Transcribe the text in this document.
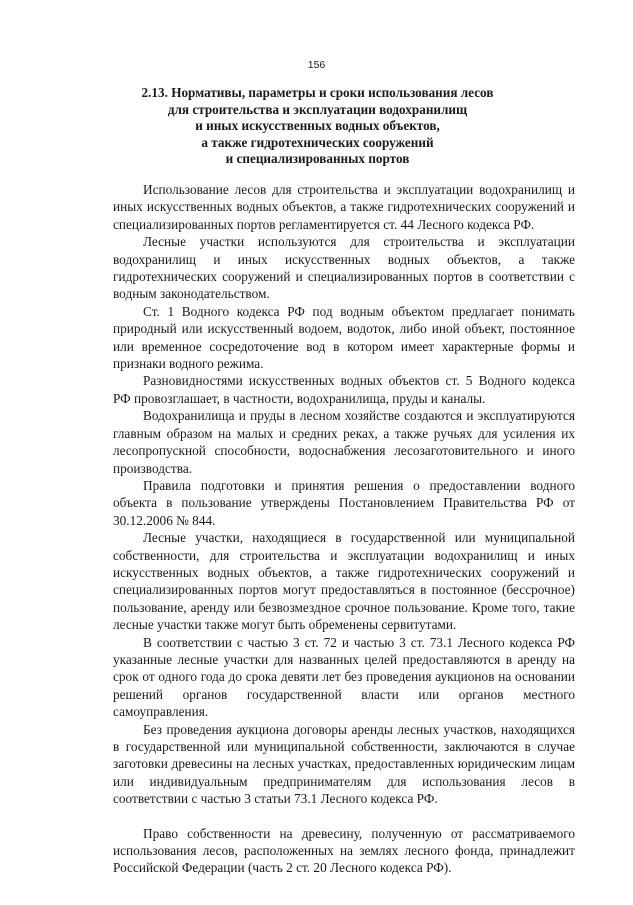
156
2.13. Нормативы, параметры и сроки использования лесов
для строительства и эксплуатации водохранилищ
и иных искусственных водных объектов,
а также гидротехнических сооружений
и специализированных портов

Использование лесов для строительства и эксплуатации водохранилищ и иных искусственных водных объектов, а также гидротехнических сооружений и специализированных портов регламентируется ст. 44 Лесного кодекса РФ.

Лесные участки используются для строительства и эксплуатации водохранилищ и иных искусственных водных объектов, а также гидротехнических сооружений и специализированных портов в соответствии с водным законодательством.

Ст. 1 Водного кодекса РФ под водным объектом предлагает понимать природный или искусственный водоем, водоток, либо иной объект, постоянное или временное сосредоточение вод в котором имеет характерные формы и признаки водного режима.

Разновидностями искусственных водных объектов ст. 5 Водного кодекса РФ провозглашает, в частности, водохранилища, пруды и каналы.

Водохранилища и пруды в лесном хозяйстве создаются и эксплуатируются главным образом на малых и средних реках, а также ручьях для усиления их лесопропускной способности, водоснабжения лесозаготовительного и иного производства.

Правила подготовки и принятия решения о предоставлении водного объекта в пользование утверждены Постановлением Правительства РФ от 30.12.2006 № 844.

Лесные участки, находящиеся в государственной или муниципальной собственности, для строительства и эксплуатации водохранилищ и иных искусственных водных объектов, а также гидротехнических сооружений и специализированных портов могут предоставляться в постоянное (бессрочное) пользование, аренду или безвозмездное срочное пользование. Кроме того, такие лесные участки также могут быть обременены сервитутами.

В соответствии с частью 3 ст. 72 и частью 3 ст. 73.1 Лесного кодекса РФ указанные лесные участки для названных целей предоставляются в аренду на срок от одного года до срока девяти лет без проведения аукционов на основании решений органов государственной власти или органов местного самоуправления.

Без проведения аукциона договоры аренды лесных участков, находящихся в государственной или муниципальной собственности, заключаются в случае заготовки древесины на лесных участках, предоставленных юридическим лицам или индивидуальным предпринимателям для использования лесов в соответствии с частью 3 статьи 73.1 Лесного кодекса РФ.

Право собственности на древесину, полученную от рассматриваемого использования лесов, расположенных на землях лесного фонда, принадлежит Российской Федерации (часть 2 ст. 20 Лесного кодекса РФ).
